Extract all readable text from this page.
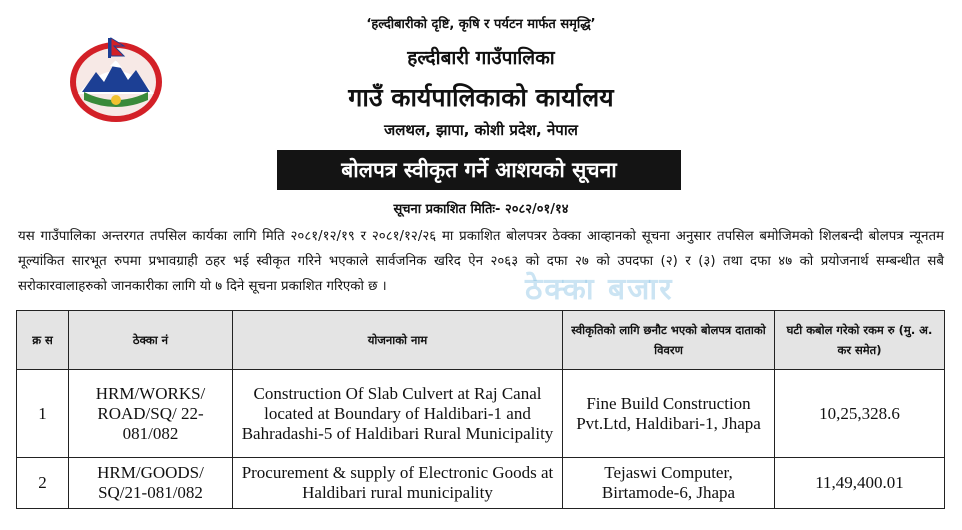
‘हल्दीबारीको दृष्टि, कृषि र पर्यटन मार्फत समृद्धि’
हल्दीबारी गाउँपालिका
गाउँ कार्यपालिकाको कार्यालय
जलथल, झापा, कोशी प्रदेश, नेपाल
बोलपत्र स्वीकृत गर्ने आशयको सूचना
सूचना प्रकाशित मितिः- २०८२/०१/१४
यस गाउँपालिका अन्तरगत तपसिल कार्यका लागि मिति २०८१/१२/१९ र २०८१/१२/२६ मा प्रकाशित बोलपत्रर ठेक्का आव्हानको सूचना अनुसार तपसिल बमोजिमको शिलबन्दी बोलपत्र न्यूनतम मूल्यांकित सारभूत रुपमा प्रभावग्राही ठहर भई स्वीकृत गरिने भएकाले सार्वजनिक खरिद ऐन २०६३ को दफा २७ को उपदफा (२) र (३) तथा दफा ४७ को प्रयोजनार्थ सम्बन्धीत सबै सरोकारवालाहरुको जानकारीका लागि यो ७ दिने सूचना प्रकाशित गरिएको छ ।	ठेक्का बजार
क्र स	ठेक्का नं	योजनाको नाम	स्वीकृतिको लागि छनौट भएको बोलपत्र दाताको विवरण	घटी कबोल गरेको रकम रु (मु. अ. कर समेत)
1	HRM/WORKS/ ROAD/SQ/ 22-081/082	Construction Of Slab Culvert at Raj Canal located at Boundary of Haldibari-1 and Bahradashi-5 of Haldibari Rural Municipality	Fine Build Construction Pvt.Ltd, Haldibari-1, Jhapa	10,25,328.6
2	HRM/GOODS/ SQ/21-081/082	Procurement & supply of Electronic Goods at Haldibari rural municipality	Tejaswi Computer, Birtamode-6, Jhapa	11,49,400.01
